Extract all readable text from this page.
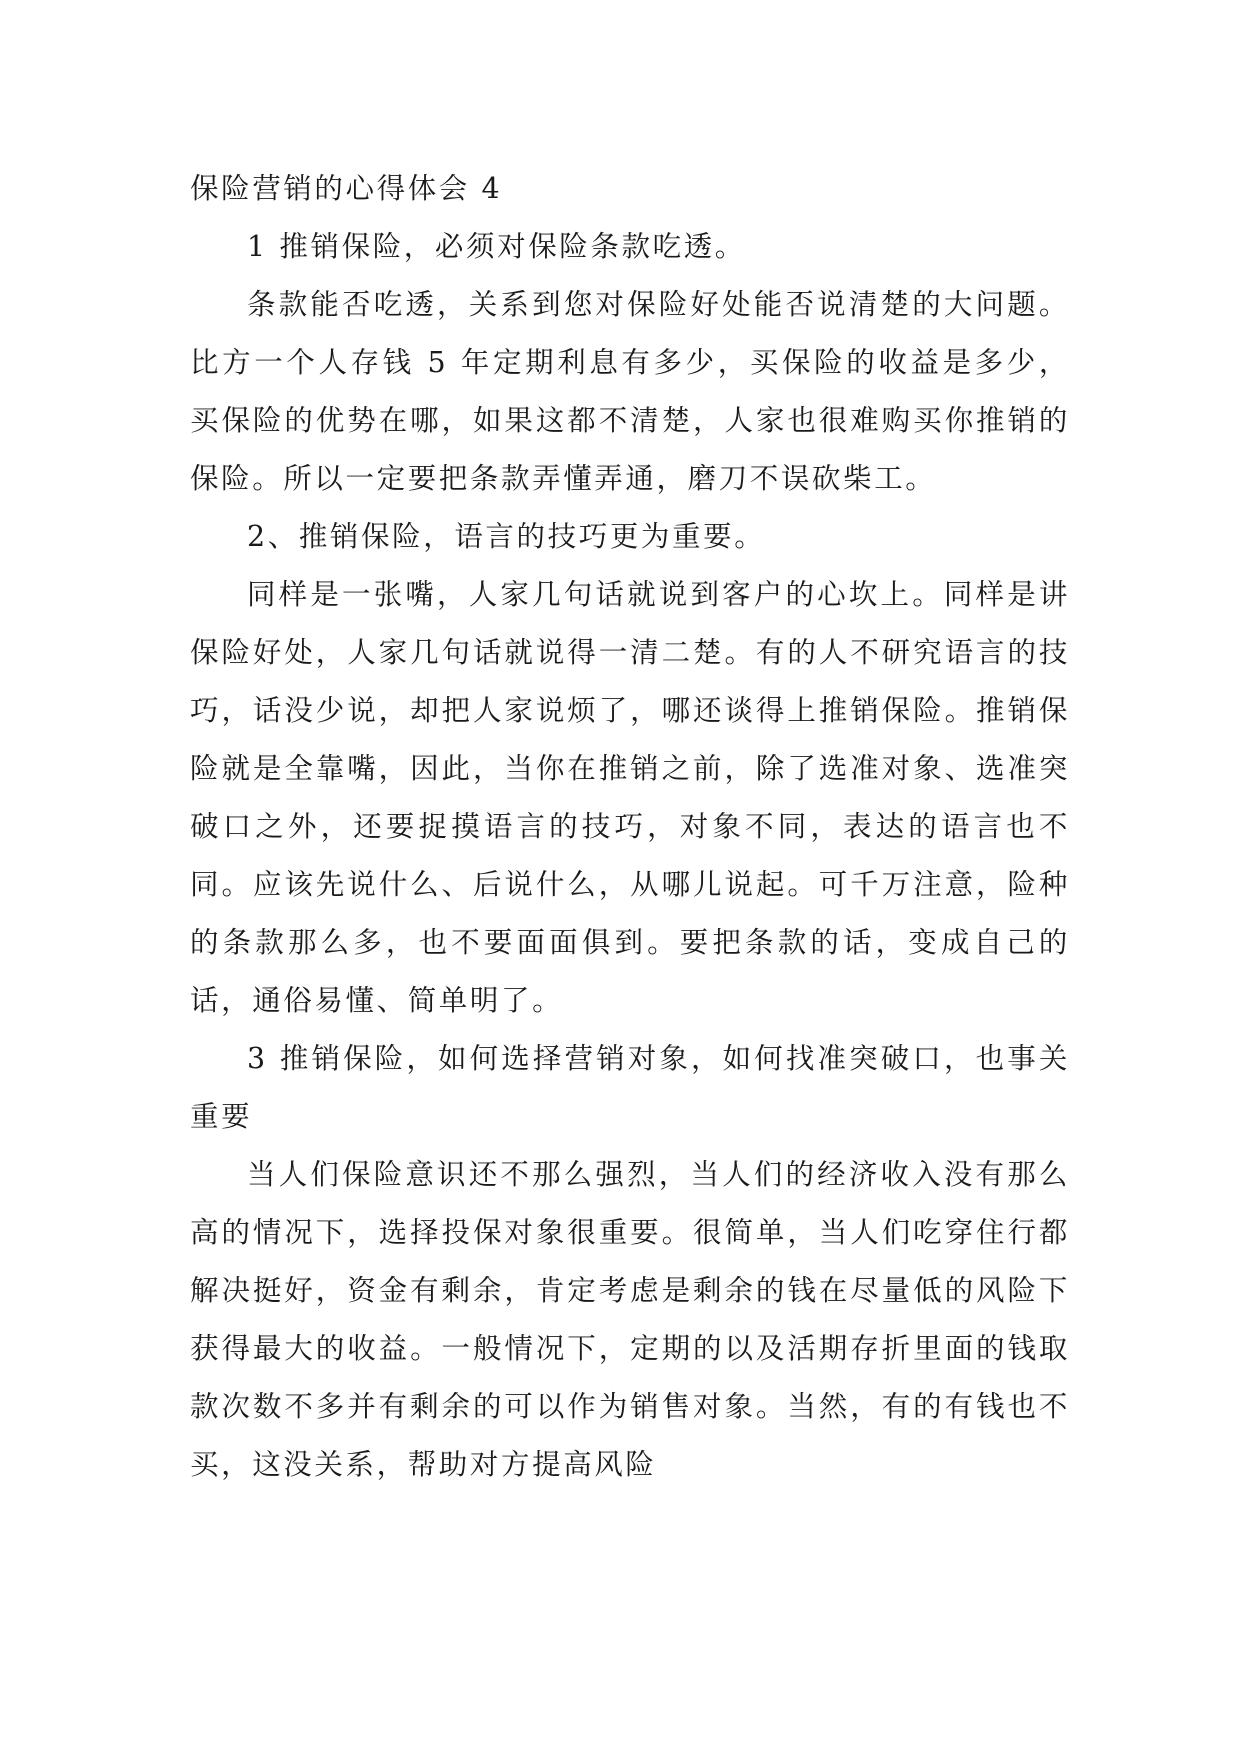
保险营销的心得体会 4

1 推销保险，必须对保险条款吃透。

条款能否吃透，关系到您对保险好处能否说清楚的大问题。比方一个人存钱 5 年定期利息有多少，买保险的收益是多少，买保险的优势在哪，如果这都不清楚，人家也很难购买你推销的保险。所以一定要把条款弄懂弄通，磨刀不误砍柴工。

2、推销保险，语言的技巧更为重要。

同样是一张嘴，人家几句话就说到客户的心坎上。同样是讲保险好处，人家几句话就说得一清二楚。有的人不研究语言的技巧，话没少说，却把人家说烦了，哪还谈得上推销保险。推销保险就是全靠嘴，因此，当你在推销之前，除了选准对象、选准突破口之外，还要捉摸语言的技巧，对象不同，表达的语言也不同。应该先说什么、后说什么，从哪儿说起。可千万注意，险种的条款那么多，也不要面面俱到。要把条款的话，变成自己的话，通俗易懂、简单明了。

3 推销保险，如何选择营销对象，如何找准突破口，也事关重要

当人们保险意识还不那么强烈，当人们的经济收入没有那么高的情况下，选择投保对象很重要。很简单，当人们吃穿住行都解决挺好，资金有剩余，肯定考虑是剩余的钱在尽量低的风险下获得最大的收益。一般情况下，定期的以及活期存折里面的钱取款次数不多并有剩余的可以作为销售对象。当然，有的有钱也不买，这没关系，帮助对方提高风险
